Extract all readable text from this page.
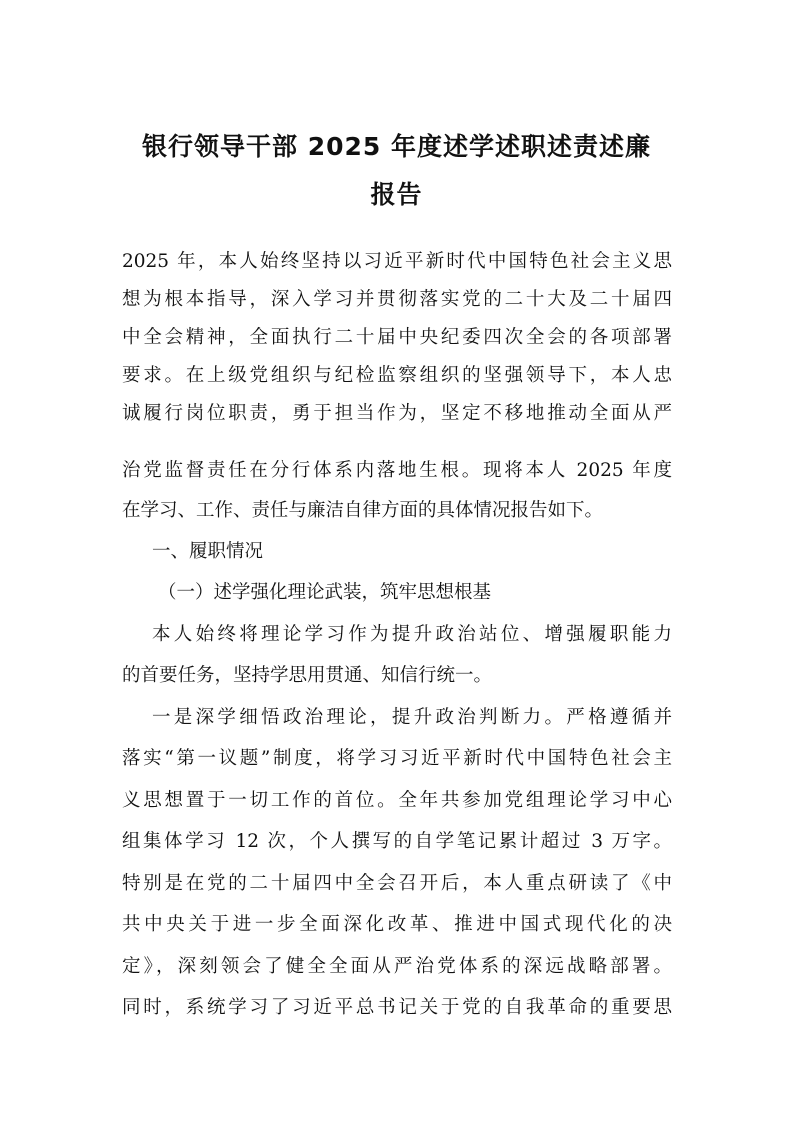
银行领导干部 2025 年度述学述职述责述廉
报告
2025 年，本人始终坚持以习近平新时代中国特色社会主义思
想为根本指导，深入学习并贯彻落实党的二十大及二十届四
中全会精神，全面执行二十届中央纪委四次全会的各项部署
要求。在上级党组织与纪检监察组织的坚强领导下，本人忠
诚履行岗位职责，勇于担当作为，坚定不移地推动全面从严
治党监督责任在分行体系内落地生根。现将本人 2025 年度
在学习、工作、责任与廉洁自律方面的具体情况报告如下。
一、履职情况
（一）述学强化理论武装，筑牢思想根基
本人始终将理论学习作为提升政治站位、增强履职能力
的首要任务，坚持学思用贯通、知信行统一。
一是深学细悟政治理论，提升政治判断力。严格遵循并
落实“第一议题”制度，将学习习近平新时代中国特色社会主
义思想置于一切工作的首位。全年共参加党组理论学习中心
组集体学习 12 次，个人撰写的自学笔记累计超过 3 万字。
特别是在党的二十届四中全会召开后，本人重点研读了《中
共中央关于进一步全面深化改革、推进中国式现代化的决
定》，深刻领会了健全全面从严治党体系的深远战略部署。
同时，系统学习了习近平总书记关于党的自我革命的重要思
